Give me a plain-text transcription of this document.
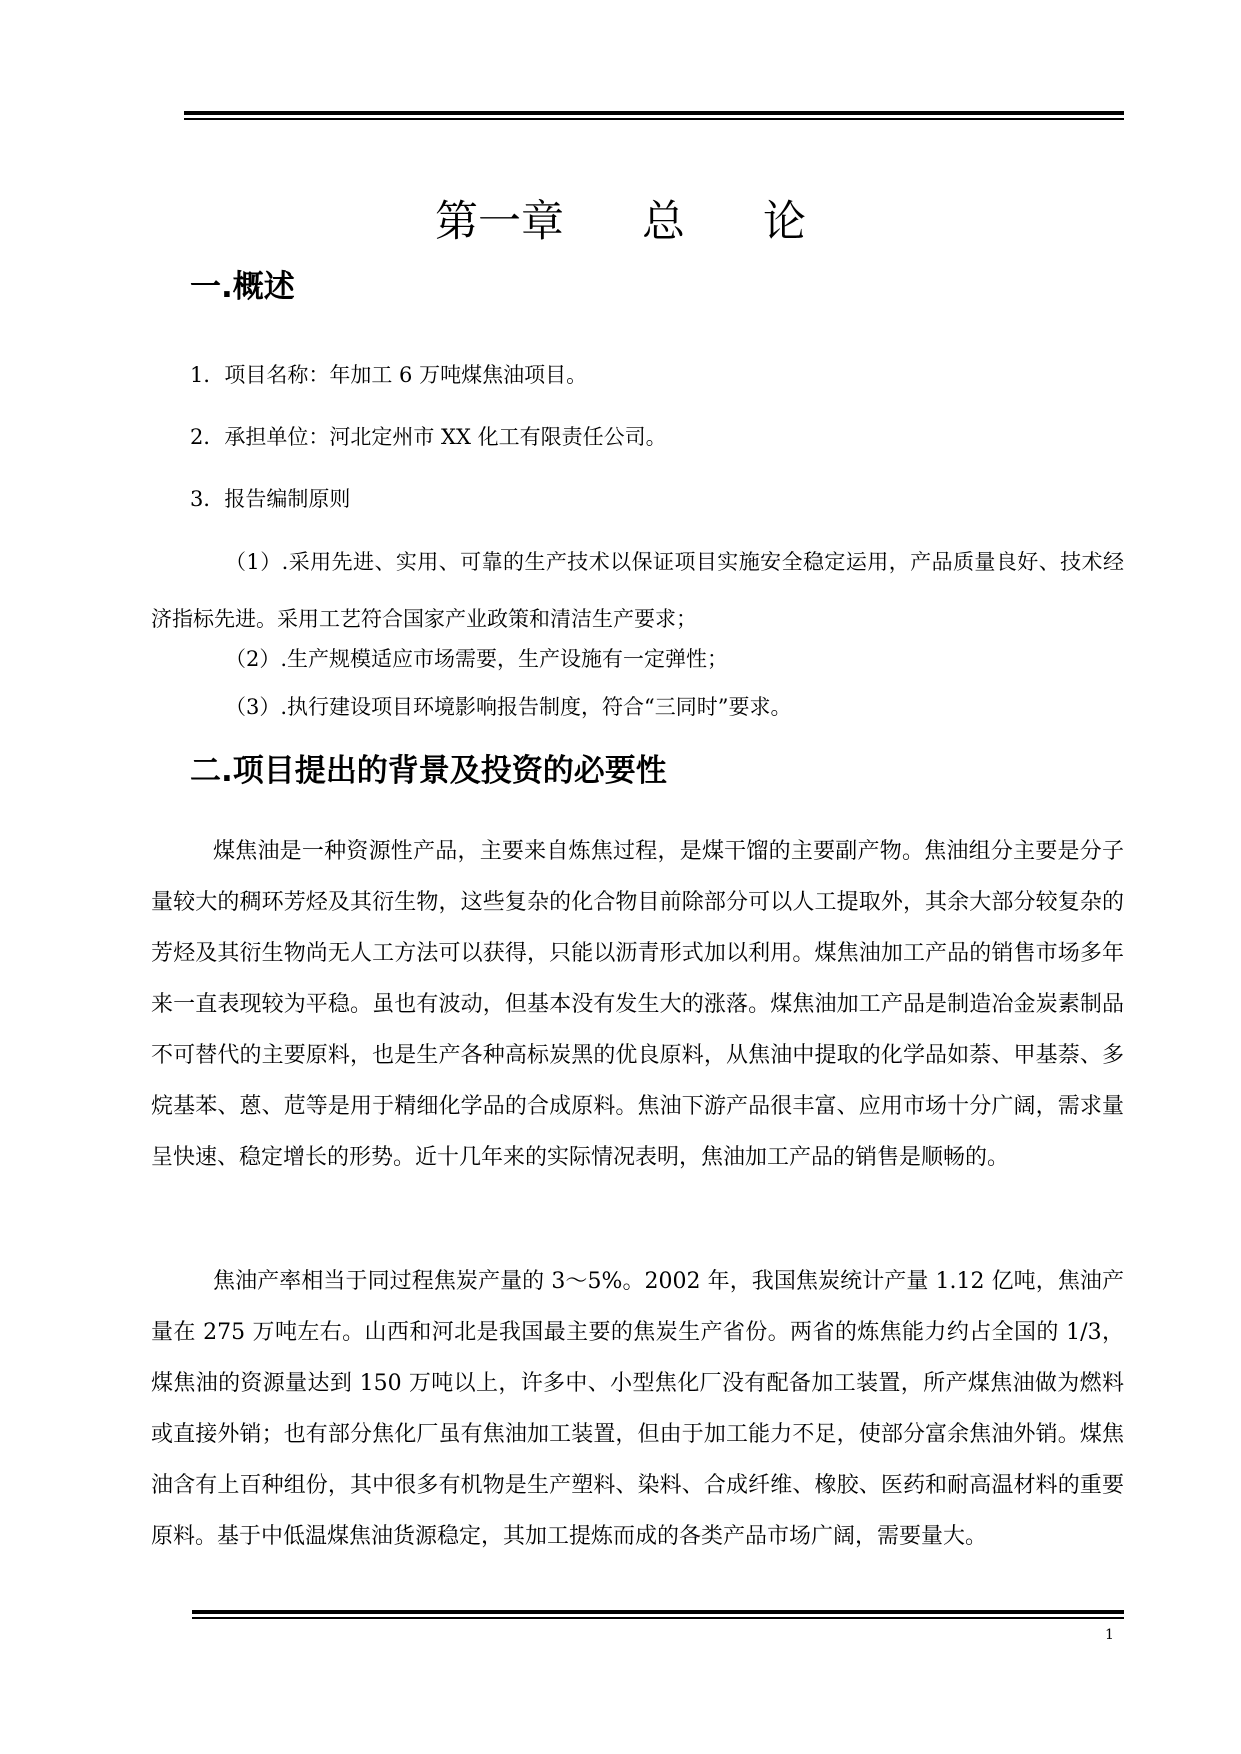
第一章 总 论
一.概述
1．项目名称：年加工 6 万吨煤焦油项目。
2．承担单位：河北定州市 XX 化工有限责任公司。
3．报告编制原则

（1）.采用先进、实用、可靠的生产技术以保证项目实施安全稳定运用，产品质量良好、技术经济指标先进。采用工艺符合国家产业政策和清洁生产要求；

（2）.生产规模适应市场需要，生产设施有一定弹性；
（3）.执行建设项目环境影响报告制度，符合“三同时”要求。
二.项目提出的背景及投资的必要性

煤焦油是一种资源性产品，主要来自炼焦过程，是煤干馏的主要副产物。焦油组分主要是分子量较大的稠环芳烃及其衍生物，这些复杂的化合物目前除部分可以人工提取外，其余大部分较复杂的芳烃及其衍生物尚无人工方法可以获得，只能以沥青形式加以利用。煤焦油加工产品的销售市场多年来一直表现较为平稳。虽也有波动，但基本没有发生大的涨落。煤焦油加工产品是制造冶金炭素制品不可替代的主要原料，也是生产各种高标炭黑的优良原料，从焦油中提取的化学品如萘、甲基萘、多烷基苯、蒽、苊等是用于精细化学品的合成原料。焦油下游产品很丰富、应用市场十分广阔，需求量呈快速、稳定增长的形势。近十几年来的实际情况表明，焦油加工产品的销售是顺畅的。

焦油产率相当于同过程焦炭产量的 3～5%。2002 年，我国焦炭统计产量 1.12 亿吨，焦油产量在 275 万吨左右。山西和河北是我国最主要的焦炭生产省份。两省的炼焦能力约占全国的 1/3，煤焦油的资源量达到 150 万吨以上，许多中、小型焦化厂没有配备加工装置，所产煤焦油做为燃料或直接外销；也有部分焦化厂虽有焦油加工装置，但由于加工能力不足，使部分富余焦油外销。煤焦油含有上百种组份，其中很多有机物是生产塑料、染料、合成纤维、橡胶、医药和耐高温材料的重要原料。基于中低温煤焦油货源稳定，其加工提炼而成的各类产品市场广阔，需要量大。

1
